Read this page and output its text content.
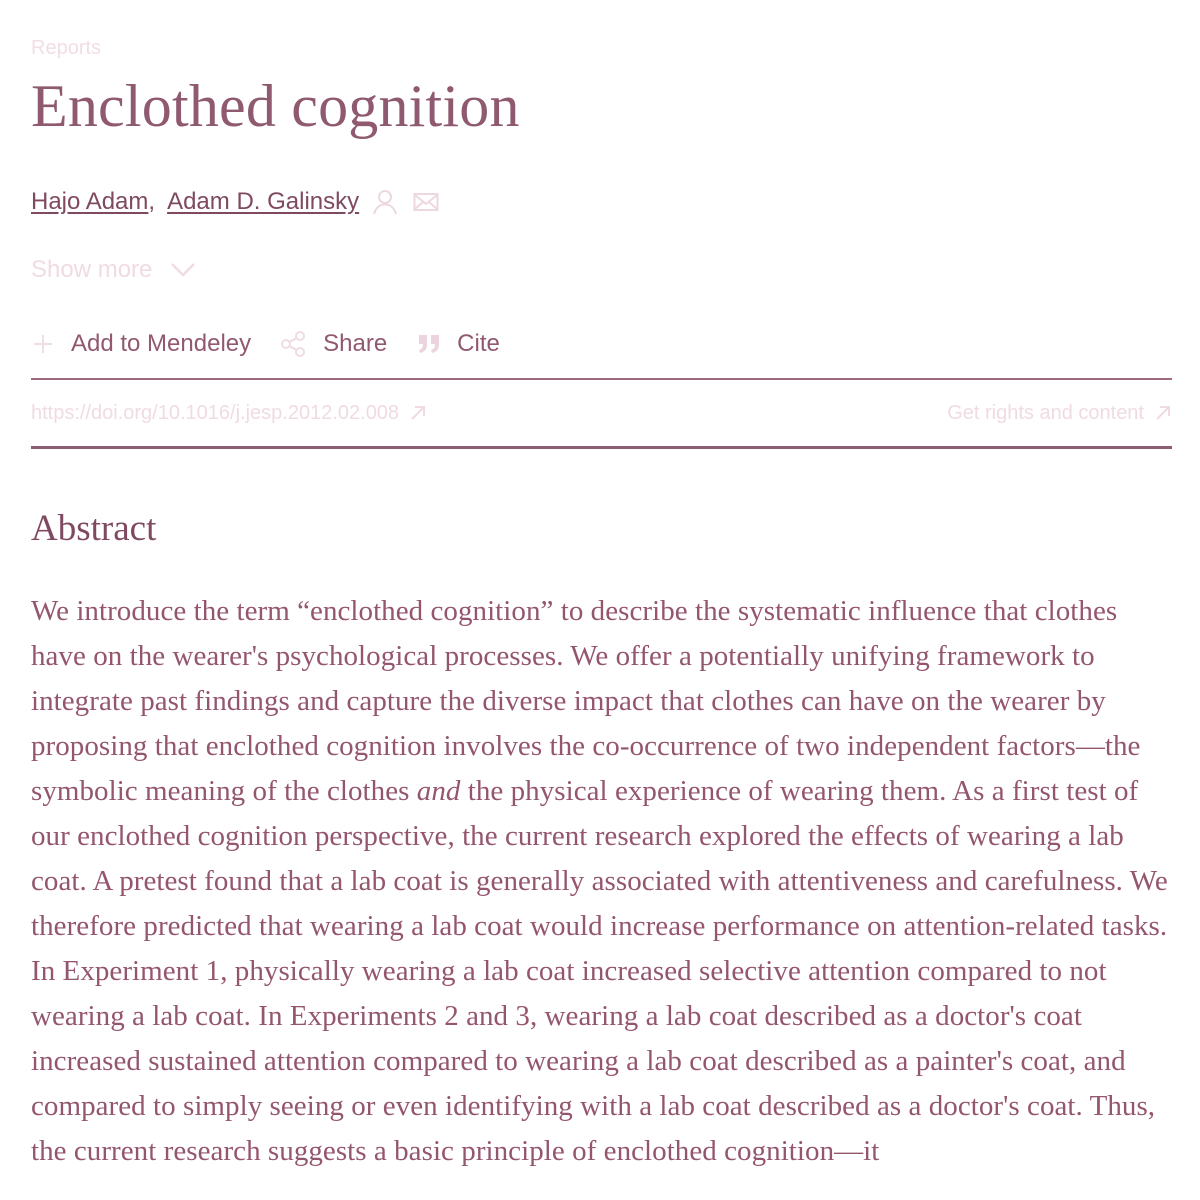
Reports

Enclothed cognition
Hajo Adam , Adam D. Galinsky
Show more
Add to Mendeley	Share	Cite
https://doi.org/10.1016/j.jesp.2012.02.008	Get rights and content
Abstract

We introduce the term “enclothed cognition” to describe the systematic influence that clothes have on the wearer's psychological processes. We offer a potentially unifying framework to integrate past findings and capture the diverse impact that clothes can have on the wearer by proposing that enclothed cognition involves the co-occurrence of two independent factors—the symbolic meaning of the clothes and the physical experience of wearing them. As a first test of our enclothed cognition perspective, the current research explored the effects of wearing a lab coat. A pretest found that a lab coat is generally associated with attentiveness and carefulness. We therefore predicted that wearing a lab coat would increase performance on attention-related tasks. In Experiment 1, physically wearing a lab coat increased selective attention compared to not wearing a lab coat. In Experiments 2 and 3, wearing a lab coat described as a doctor's coat increased sustained attention compared to wearing a lab coat described as a painter's coat, and compared to simply seeing or even identifying with a lab coat described as a doctor's coat. Thus, the current research suggests a basic principle of enclothed cognition—it
